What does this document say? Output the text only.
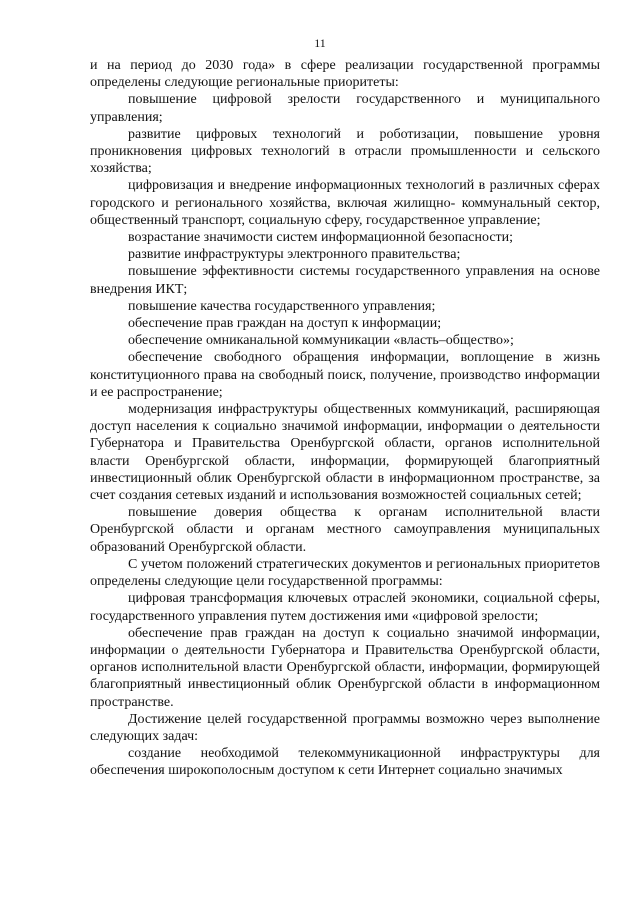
11

и на период до 2030 года» в сфере реализации государственной программы определены следующие региональные приоритеты:

повышение цифровой зрелости государственного и муниципального управления;

развитие цифровых технологий и роботизации, повышение уровня проникновения цифровых технологий в отрасли промышленности и сельского хозяйства;

цифровизация и внедрение информационных технологий в различных сферах городского и регионального хозяйства, включая жилищно- коммунальный сектор, общественный транспорт, социальную сферу, государственное управление;

возрастание значимости систем информационной безопасности;

развитие инфраструктуры электронного правительства;

повышение эффективности системы государственного управления на основе внедрения ИКТ;

повышение качества государственного управления;

обеспечение прав граждан на доступ к информации;

обеспечение омниканальной коммуникации «власть–общество»;

обеспечение свободного обращения информации, воплощение в жизнь конституционного права на свободный поиск, получение, производство информации и ее распространение;

модернизация инфраструктуры общественных коммуникаций, расширяющая доступ населения к социально значимой информации, информации о деятельности Губернатора и Правительства Оренбургской области, органов исполнительной власти Оренбургской области, информации, формирующей благоприятный инвестиционный облик Оренбургской области в информационном пространстве, за счет создания сетевых изданий и использования возможностей социальных сетей;

повышение доверия общества к органам исполнительной власти Оренбургской области и органам местного самоуправления муниципальных образований Оренбургской области.

С учетом положений стратегических документов и региональных приоритетов определены следующие цели государственной программы:

цифровая трансформация ключевых отраслей экономики, социальной сферы, государственного управления путем достижения ими «цифровой зрелости;

обеспечение прав граждан на доступ к социально значимой информации, информации о деятельности Губернатора и Правительства Оренбургской области, органов исполнительной власти Оренбургской области, информации, формирующей благоприятный инвестиционный облик Оренбургской области в информационном пространстве.

Достижение целей государственной программы возможно через выполнение следующих задач:

создание необходимой телекоммуникационной инфраструктуры для обеспечения широкополосным доступом к сети Интернет социально значимых
